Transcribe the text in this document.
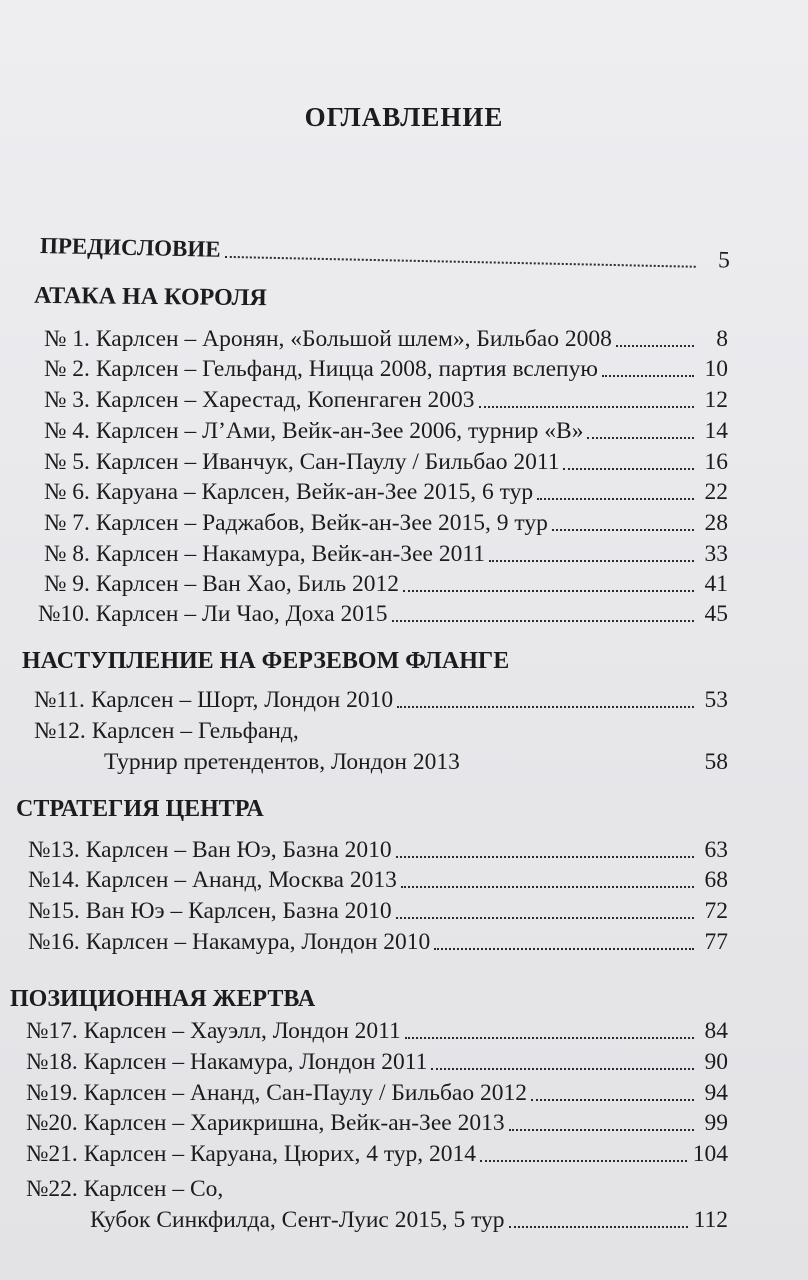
ОГЛАВЛЕНИЕ
ПРЕДИСЛОВИЕ	5
АТАКА НА КОРОЛЯ
№ 1. Карлсен – Аронян, «Большой шлем», Бильбао 2008	8
№ 2. Карлсен – Гельфанд, Ницца 2008, партия вслепую	10
№ 3. Карлсен – Харестад, Копенгаген 2003	12
№ 4. Карлсен – Л’Ами, Вейк-ан-Зее 2006, турнир «В»	14
№ 5. Карлсен – Иванчук, Сан-Паулу / Бильбао 2011	16
№ 6. Каруана – Карлсен, Вейк-ан-Зее 2015, 6 тур	22
№ 7. Карлсен – Раджабов, Вейк-ан-Зее 2015, 9 тур	28
№ 8. Карлсен – Накамура, Вейк-ан-Зее 2011	33
№ 9. Карлсен – Ван Хао, Биль 2012	41
№10. Карлсен – Ли Чао, Доха 2015	45
НАСТУПЛЕНИЕ НА ФЕРЗЕВОМ ФЛАНГЕ
№11. Карлсен – Шорт, Лондон 2010	53
№12. Карлсен – Гельфанд,
Турнир претендентов, Лондон 2013	58
СТРАТЕГИЯ ЦЕНТРА
№13. Карлсен – Ван Юэ, Базна 2010	63
№14. Карлсен – Ананд, Москва 2013	68
№15. Ван Юэ – Карлсен, Базна 2010	72
№16. Карлсен – Накамура, Лондон 2010	77
ПОЗИЦИОННАЯ ЖЕРТВА
№17. Карлсен – Хауэлл, Лондон 2011	84
№18. Карлсен – Накамура, Лондон 2011	90
№19. Карлсен – Ананд, Сан-Паулу / Бильбао 2012	94
№20. Карлсен – Харикришна, Вейк-ан-Зее 2013	99
№21. Карлсен – Каруана, Цюрих, 4 тур, 2014	104
№22. Карлсен – Со,
Кубок Синкфилда, Сент-Луис 2015, 5 тур	112
